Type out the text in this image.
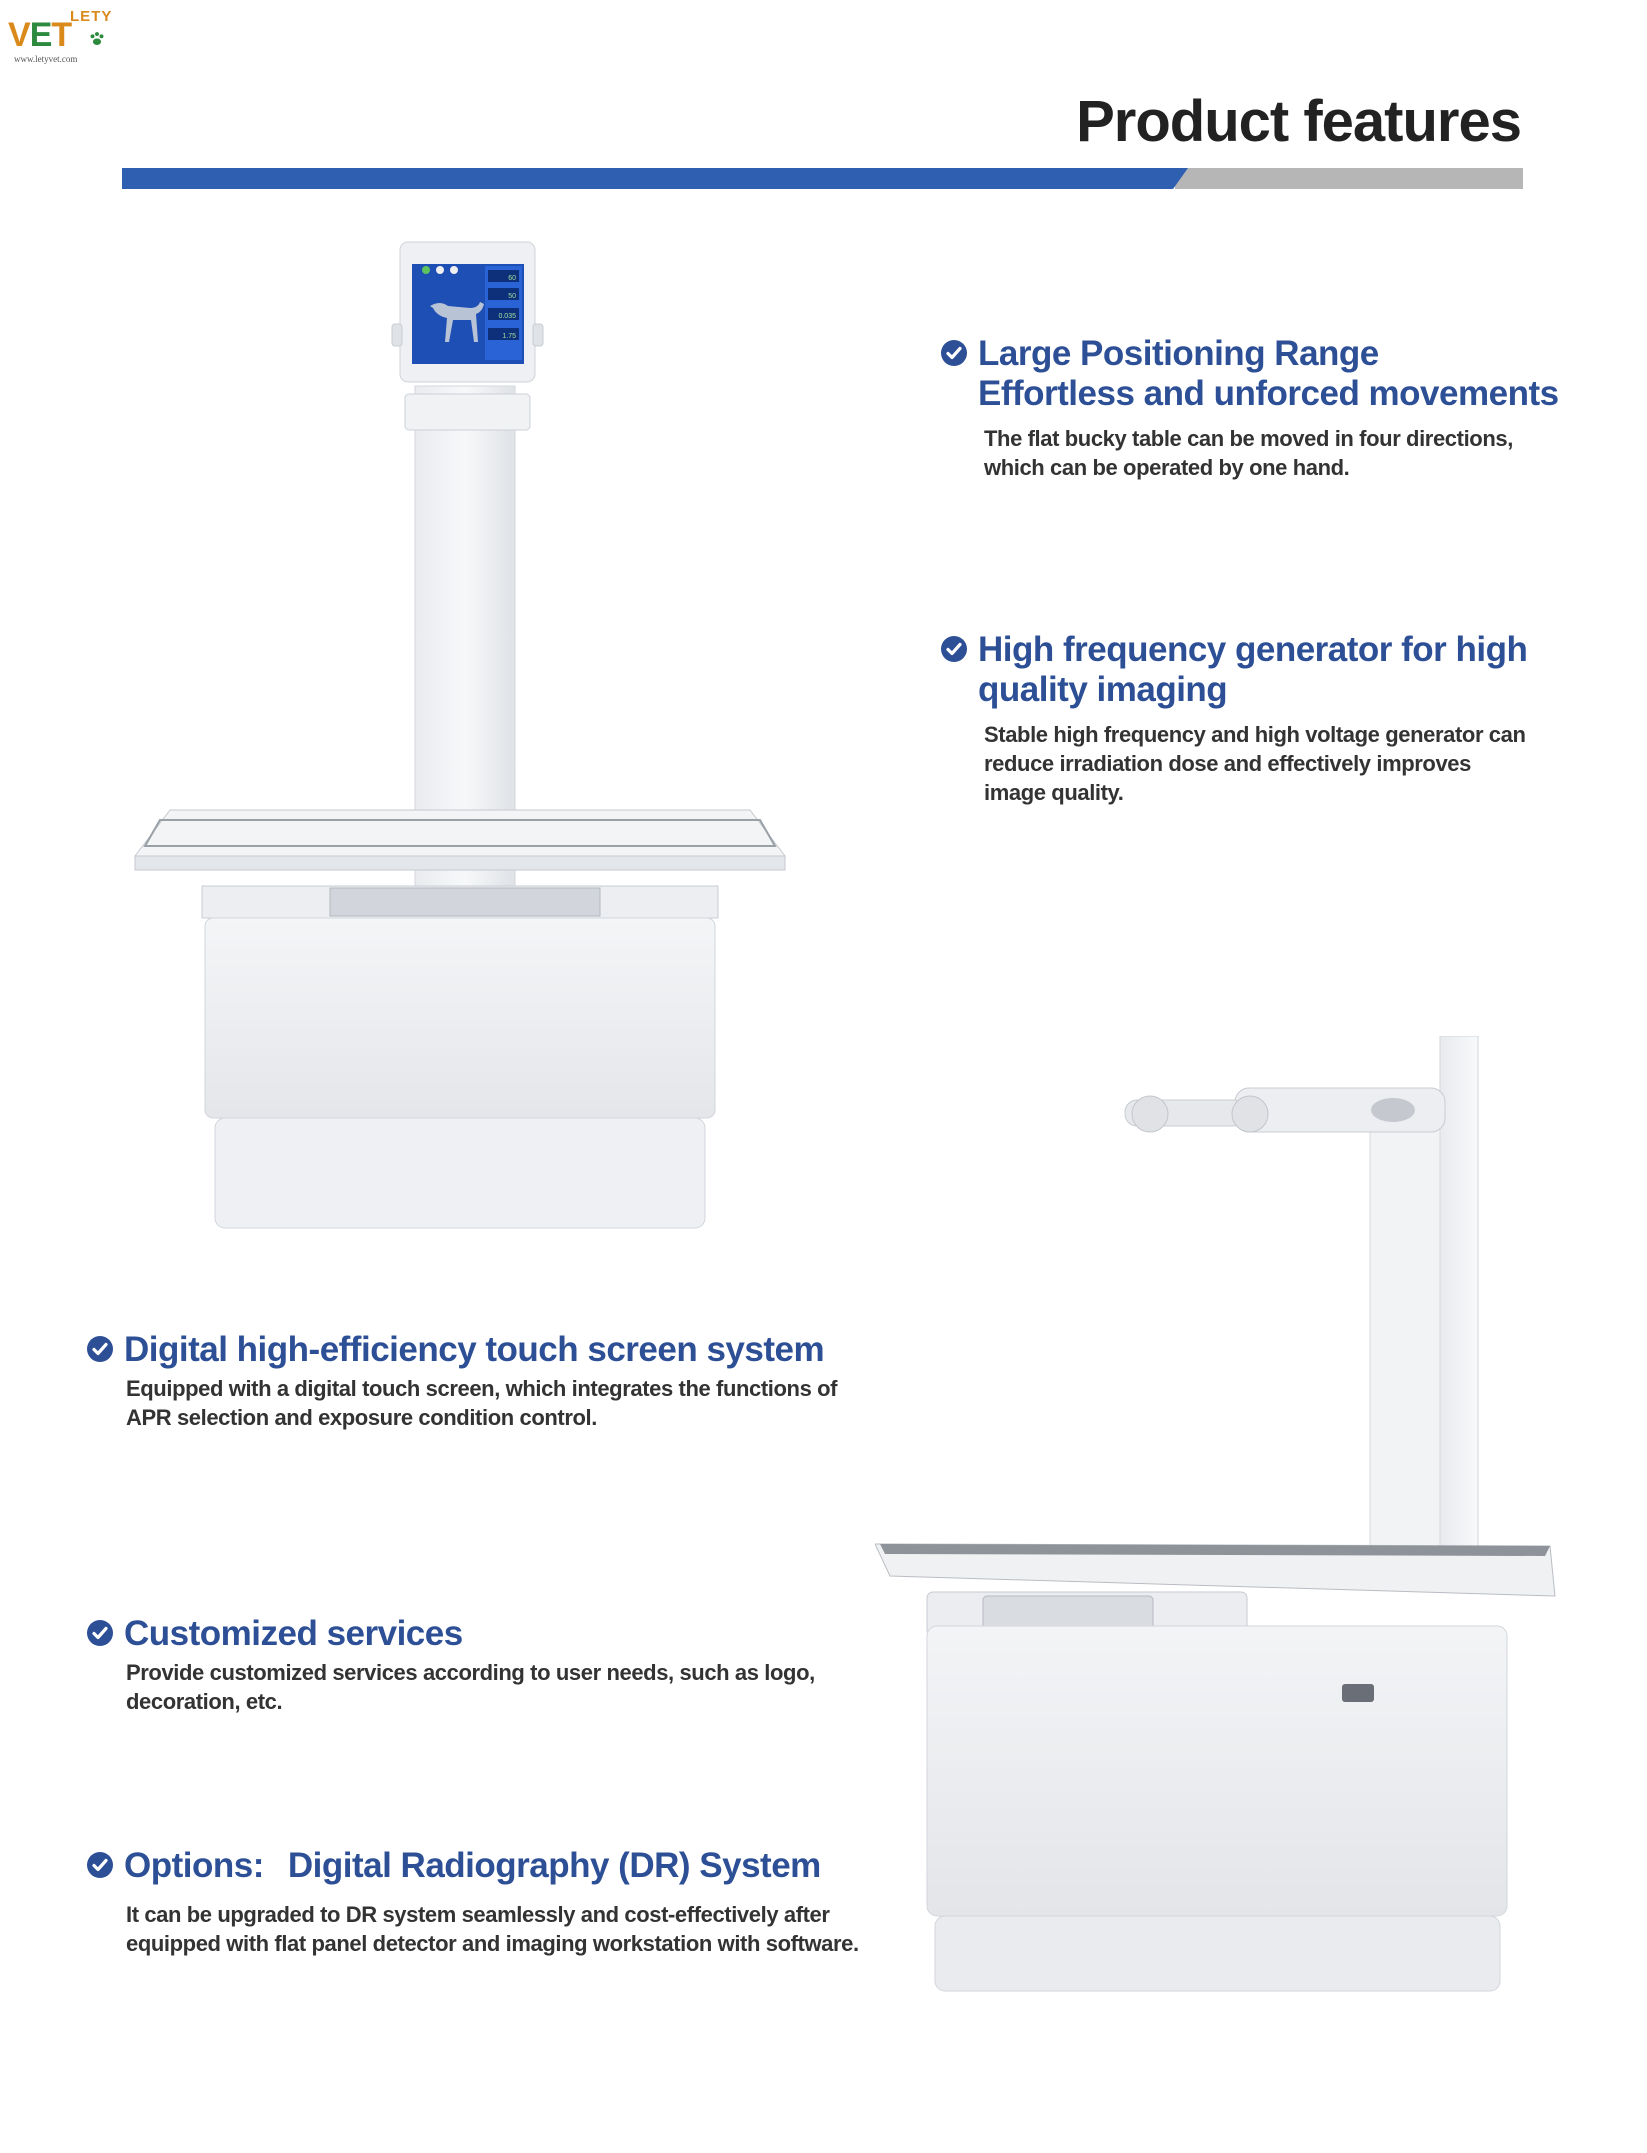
LETY
VET
www.letyvet.com
Product features
60
50
0.035
1.75	Large Positioning Range
Effortless and unforced movements
The flat bucky table can be moved in four directions,
which can be operated by one hand.
High frequency generator for high
quality imaging
Stable high frequency and high voltage generator can
reduce irradiation dose and effectively improves
image quality.
Digital high-efficiency touch screen system
Equipped with a digital touch screen, which integrates the functions of
APR selection and exposure condition control.
Customized services
Provide customized services according to user needs, such as logo,
decoration, etc.
Options: Digital Radiography (DR) System
It can be upgraded to DR system seamlessly and cost-effectively after
equipped with flat panel detector and imaging workstation with software.
